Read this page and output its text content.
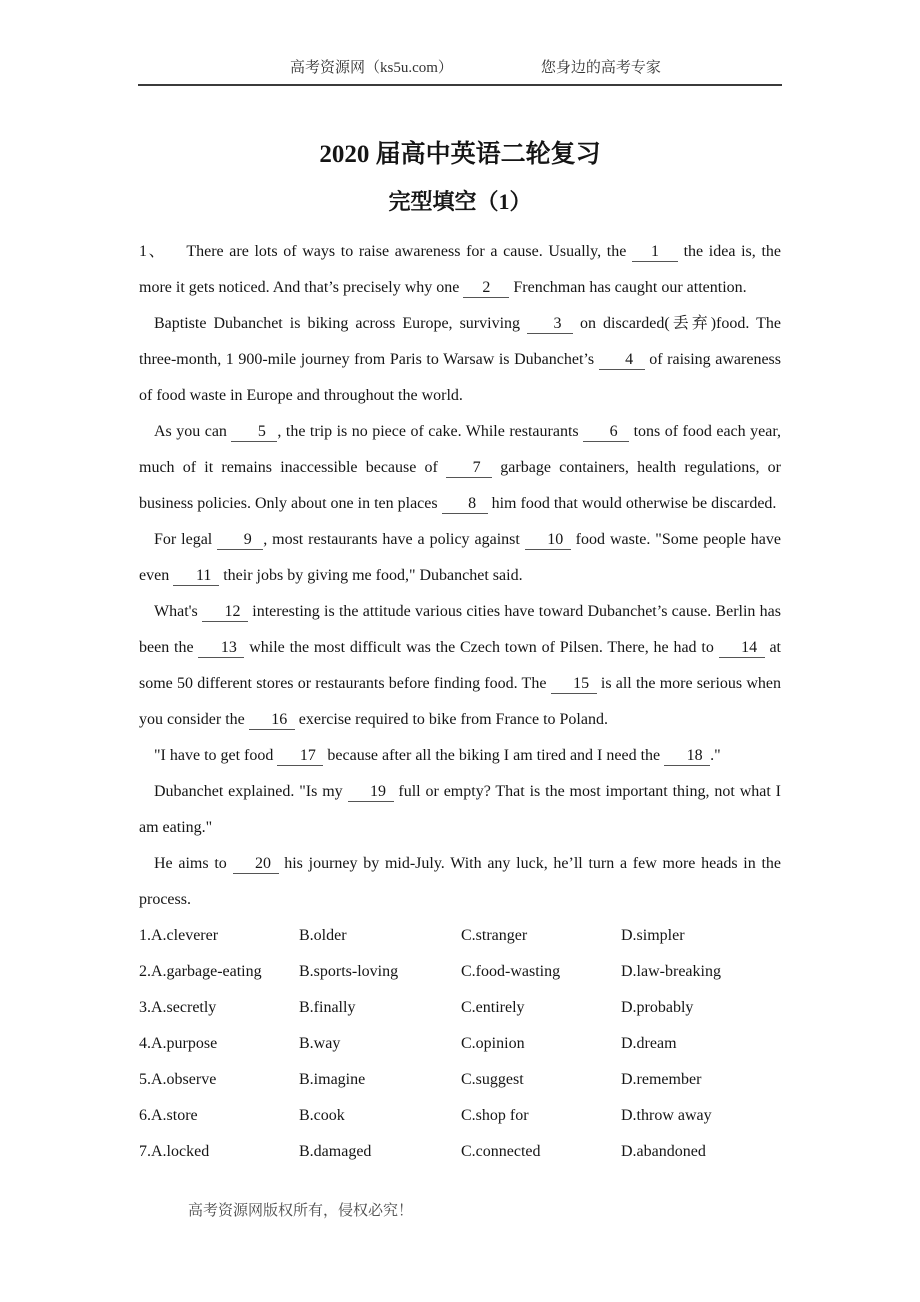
高考资源网（ks5u.com）	您身边的高考专家
2020 届高中英语二轮复习
完型填空（1）

1、 There are lots of ways to raise awareness for a cause. Usually, the 1 the idea is, the more it gets noticed. And that’s precisely why one 2 Frenchman has caught our attention.

Baptiste Dubanchet is biking across Europe, surviving 3 on discarded(丢弃)food. The three-month, 1 900-mile journey from Paris to Warsaw is Dubanchet’s 4 of raising awareness of food waste in Europe and throughout the world.

As you can 5 , the trip is no piece of cake. While restaurants 6 tons of food each year, much of it remains inaccessible because of 7 garbage containers, health regulations, or business policies. Only about one in ten places 8 him food that would otherwise be discarded.

For legal 9 , most restaurants have a policy against 10 food waste. "Some people have even 11 their jobs by giving me food," Dubanchet said.

What's 12 interesting is the attitude various cities have toward Dubanchet’s cause. Berlin has been the 13 while the most difficult was the Czech town of Pilsen. There, he had to 14 at some 50 different stores or restaurants before finding food. The 15 is all the more serious when you consider the 16 exercise required to bike from France to Poland.

"I have to get food 17 because after all the biking I am tired and I need the 18 ."

Dubanchet explained. "Is my 19 full or empty? That is the most important thing, not what I am eating."

He aims to 20 his journey by mid-July. With any luck, he’ll turn a few more heads in the process.

1.A.cleverer	B.older	C.stranger	D.simpler
2.A.garbage-eating	B.sports-loving	C.food-wasting	D.law-breaking
3.A.secretly	B.finally	C.entirely	D.probably
4.A.purpose	B.way	C.opinion	D.dream
5.A.observe	B.imagine	C.suggest	D.remember
6.A.store	B.cook	C.shop for	D.throw away
7.A.locked	B.damaged	C.connected	D.abandoned
高考资源网版权所有，侵权必究！
